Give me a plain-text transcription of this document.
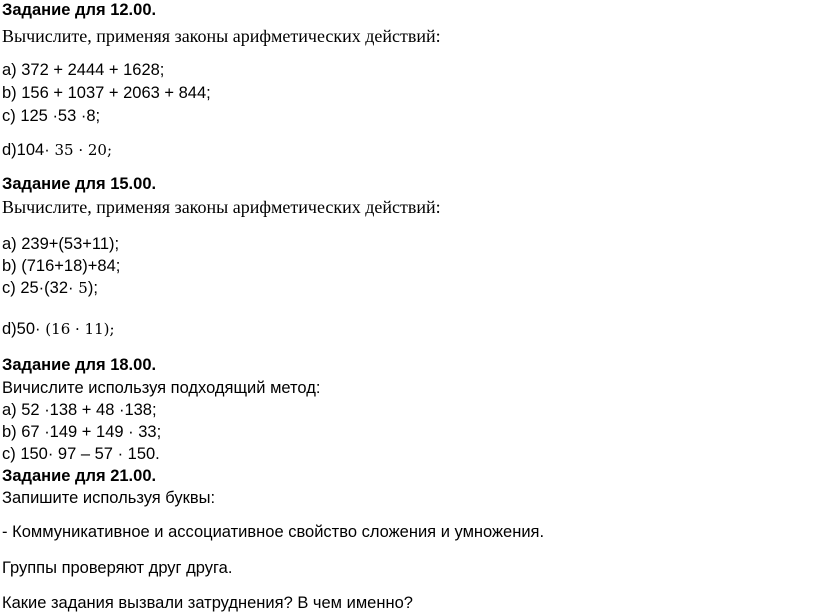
Задание для 12.00.
Вычислите, применяя законы арифметических действий:
а) 372 + 2444 + 1628;
b) 156 + 1037 + 2063 + 844;
c) 125 ·53 ·8;
d)104· 35 · 20;
Задание для 15.00.
Вычислите, применяя законы арифметических действий:
а) 239+(53+11);
b) (716+18)+84;
c) 25·(32· 5);
d)50· (16 · 11);
Задание для 18.00.
Вичислите используя подходящий метод:
а) 52 ·138 + 48 ·138;
b) 67 ·149 + 149 · 33;
с) 150· 97 – 57 · 150.
Задание для 21.00.
Запишите используя буквы:
- Коммуникативное и ассоциативное свойство сложения и умножения.
Группы проверяют друг друга.
Какие задания вызвали затруднения? В чем именно?
